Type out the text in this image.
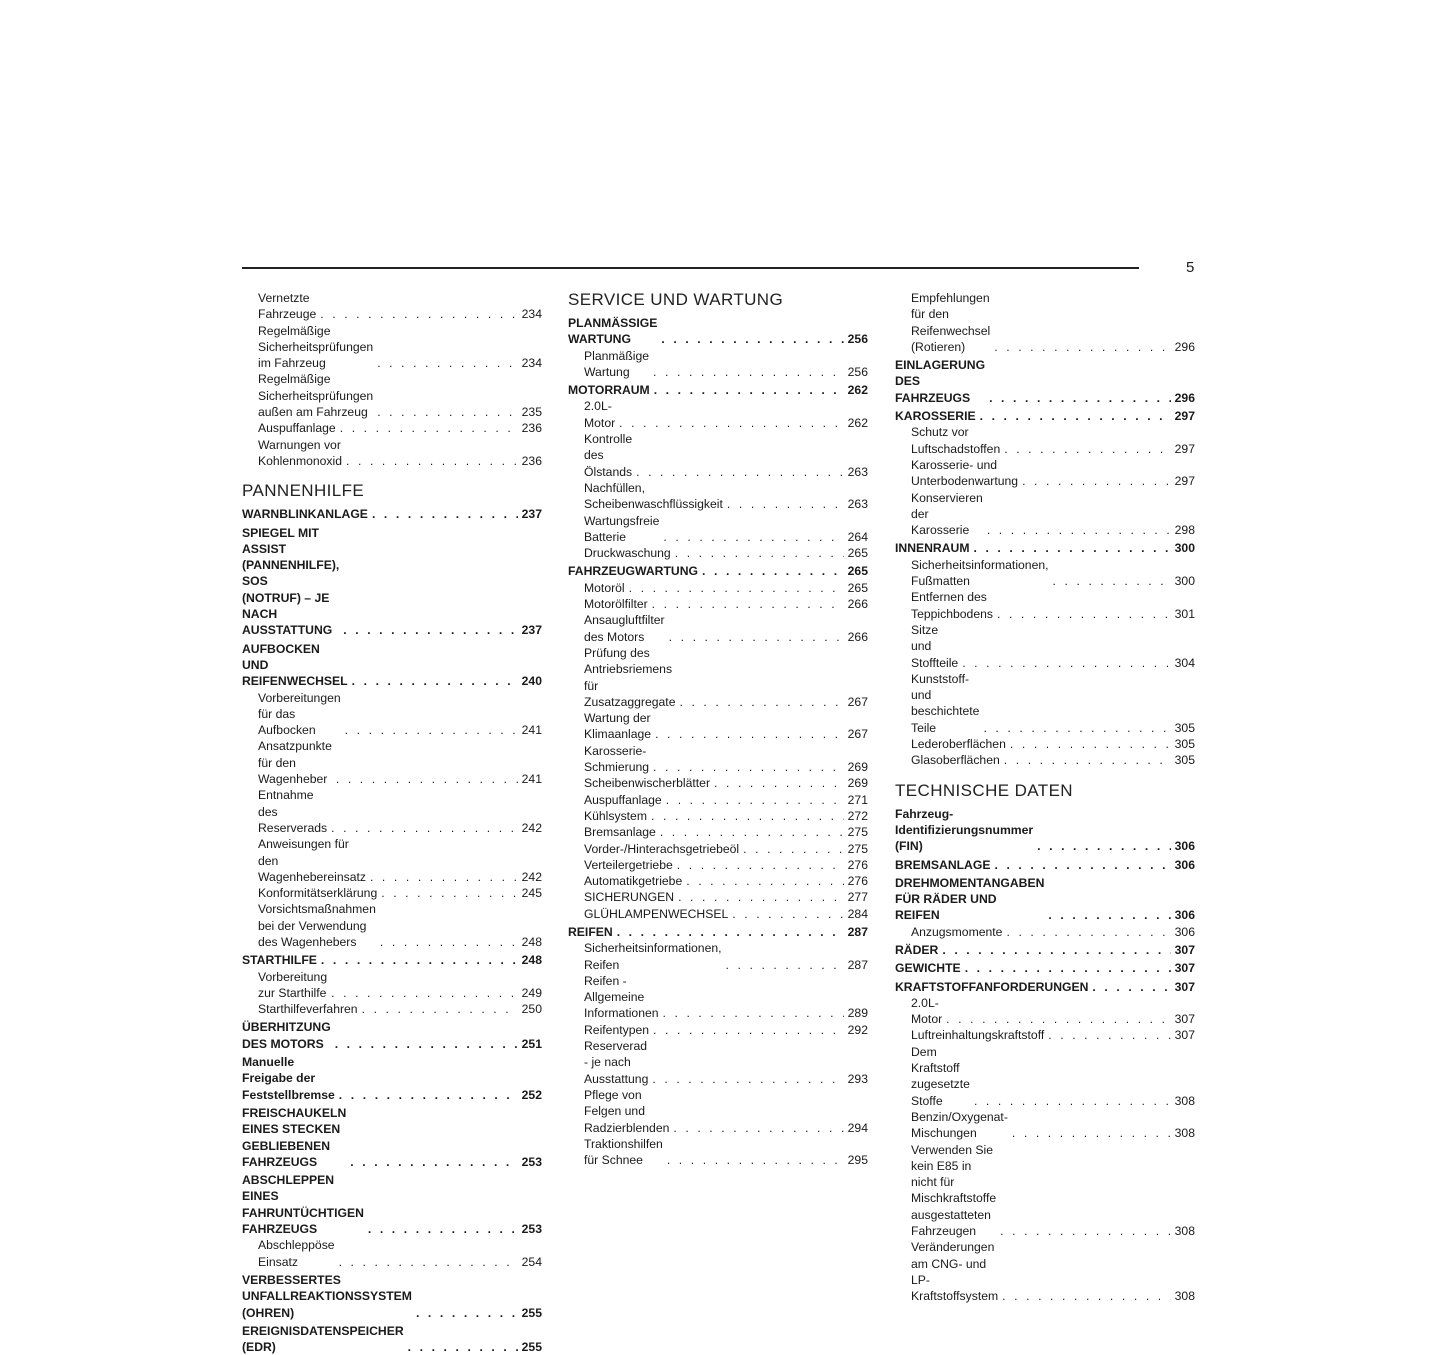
5
Vernetzte Fahrzeuge . . .	234
Regelmäßige Sicherheitsprüfungen
im Fahrzeug . . .	234
Regelmäßige Sicherheitsprüfungen
außen am Fahrzeug . . .	235
Auspuffanlage . . .	236
Warnungen vor Kohlenmonoxid . . .	236
PANNENHILFE
WARNBLINKANLAGE . . .	237
SPIEGEL MIT ASSIST (PANNENHILFE), SOS
(NOTRUF) – JE NACH AUSSTATTUNG . . .	237
AUFBOCKEN UND REIFENWECHSEL . . .	240
Vorbereitungen für das Aufbocken . . .	241
Ansatzpunkte für den Wagenheber . . .	241
Entnahme des Reserverads . . .	242
Anweisungen für den Wagenhebereinsatz . . .	242
Konformitätserklärung . . .	245
Vorsichtsmaßnahmen bei der Verwendung
des Wagenhebers . . .	248
STARTHILFE . . .	248
Vorbereitung zur Starthilfe . . .	249
Starthilfeverfahren . . .	250
ÜBERHITZUNG DES MOTORS . . .	251
Manuelle Freigabe der Feststellbremse . . .	252
FREISCHAUKELN EINES STECKEN GEBLIEBENEN
FAHRZEUGS . . .	253
ABSCHLEPPEN EINES FAHRUNTÜCHTIGEN
FAHRZEUGS . . .	253
Abschleppöse Einsatz . . .	254
VERBESSERTES UNFALLREAKTIONSSYSTEM
(OHREN) . . .	255
EREIGNISDATENSPEICHER (EDR) . . .	255
SERVICE UND WARTUNG
PLANMÄSSIGE WARTUNG . . .	256
Planmäßige Wartung . . .	256
MOTORRAUM . . .	262
2.0L-Motor . . .	262
Kontrolle des Ölstands . . .	263
Nachfüllen, Scheibenwaschflüssigkeit . . .	263
Wartungsfreie Batterie . . .	264
Druckwaschung . . .	265
FAHRZEUGWARTUNG . . .	265
Motoröl . . .	265
Motorölfilter . . .	266
Ansaugluftfilter des Motors . . .	266
Prüfung des Antriebsriemens für
Zusatzaggregate . . .	267
Wartung der Klimaanlage . . .	267
Karosserie-Schmierung . . .	269
Scheibenwischerblätter . . .	269
Auspuffanlage . . .	271
Kühlsystem . . .	272
Bremsanlage . . .	275
Vorder-/Hinterachsgetriebeöl . . .	275
Verteilergetriebe . . .	276
Automatikgetriebe . . .	276
SICHERUNGEN . . .	277
GLÜHLAMPENWECHSEL . . .	284
REIFEN . . .	287
Sicherheitsinformationen, Reifen . . .	287
Reifen - Allgemeine Informationen . . .	289
Reifentypen . . .	292
Reserverad - je nach Ausstattung . . .	293
Pflege von Felgen und Radzierblenden . . .	294
Traktionshilfen für Schnee . . .	295
Empfehlungen für den Reifenwechsel
(Rotieren) . . .	296
EINLAGERUNG DES FAHRZEUGS . . .	296
KAROSSERIE . . .	297
Schutz vor Luftschadstoffen . . .	297
Karosserie- und Unterbodenwartung . . .	297
Konservieren der Karosserie . . .	298
INNENRAUM . . .	300
Sicherheitsinformationen, Fußmatten . . .	300
Entfernen des Teppichbodens . . .	301
Sitze und Stoffteile . . .	304
Kunststoff- und beschichtete Teile . . .	305
Lederoberflächen . . .	305
Glasoberflächen . . .	305
TECHNISCHE DATEN
Fahrzeug-Identifizierungsnummer (FIN) . . .	306
BREMSANLAGE . . .	306
DREHMOMENTANGABEN FÜR RÄDER UND
REIFEN . . .	306
Anzugsmomente . . .	306
RÄDER . . .	307
GEWICHTE . . .	307
KRAFTSTOFFANFORDERUNGEN . . .	307
2.0L-Motor . . .	307
Luftreinhaltungskraftstoff . . .	307
Dem Kraftstoff zugesetzte Stoffe . . .	308
Benzin/Oxygenat-Mischungen . . .	308
Verwenden Sie kein E85 in nicht für
Mischkraftstoffe ausgestatteten Fahrzeugen . . .	308
Veränderungen am CNG- und
LP-Kraftstoffsystem . . .	308
